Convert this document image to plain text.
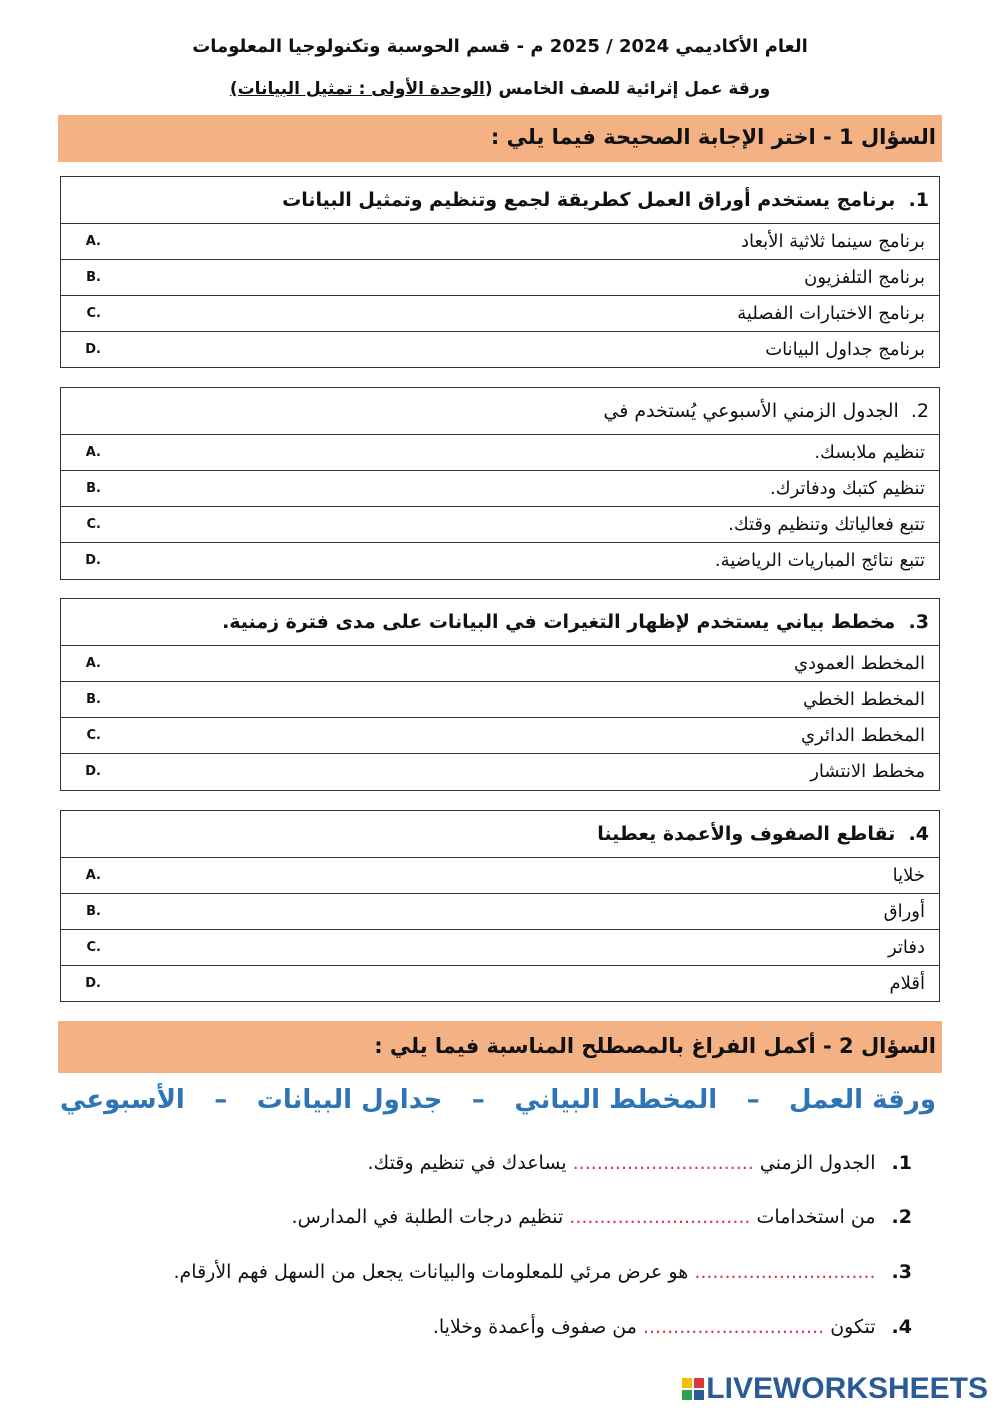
العام الأكاديمي 2024 / 2025 م - قسم الحوسبة وتكنولوجيا المعلومات
ورقة عمل إثرائية للصف الخامس (الوحدة الأولى : تمثيل البيانات)
السؤال 1 - اختر الإجابة الصحيحة فيما يلي :
1.  برنامج يستخدم أوراق العمل كطريقة لجمع وتنظيم وتمثيل البيانات
برنامج سينما ثلاثية الأبعاد
A.
برنامج التلفزيون
B.
برنامج الاختبارات الفصلية
C.
برنامج جداول البيانات
D.
2.  الجدول الزمني الأسبوعي يُستخدم في
تنظيم ملابسك.
A.
تنظيم كتبك ودفاترك.
B.
تتبع فعالياتك وتنظيم وقتك.
C.
تتبع نتائج المباريات الرياضية.
D.
3.  مخطط بياني يستخدم لإظهار التغيرات في البيانات على مدى فترة زمنية.
المخطط العمودي
A.
المخطط الخطي
B.
المخطط الدائري
C.
مخطط الانتشار
D.
4.  تقاطع الصفوف والأعمدة يعطينا
خلايا
A.
أوراق
B.
دفاتر
C.
أقلام
D.
السؤال 2 - أكمل الفراغ بالمصطلح المناسبة فيما يلي :
ورقة العمل
–
المخطط البياني
–
جداول البيانات
–
الأسبوعي
1. الجدول الزمني .............................. يساعدك في تنظيم وقتك.
2. من استخدامات .............................. تنظيم درجات الطلبة في المدارس.
3. .............................. هو عرض مرئي للمعلومات والبيانات يجعل من السهل فهم الأرقام.
4. تتكون .............................. من صفوف وأعمدة وخلايا.
LIVEWORKSHEETS
